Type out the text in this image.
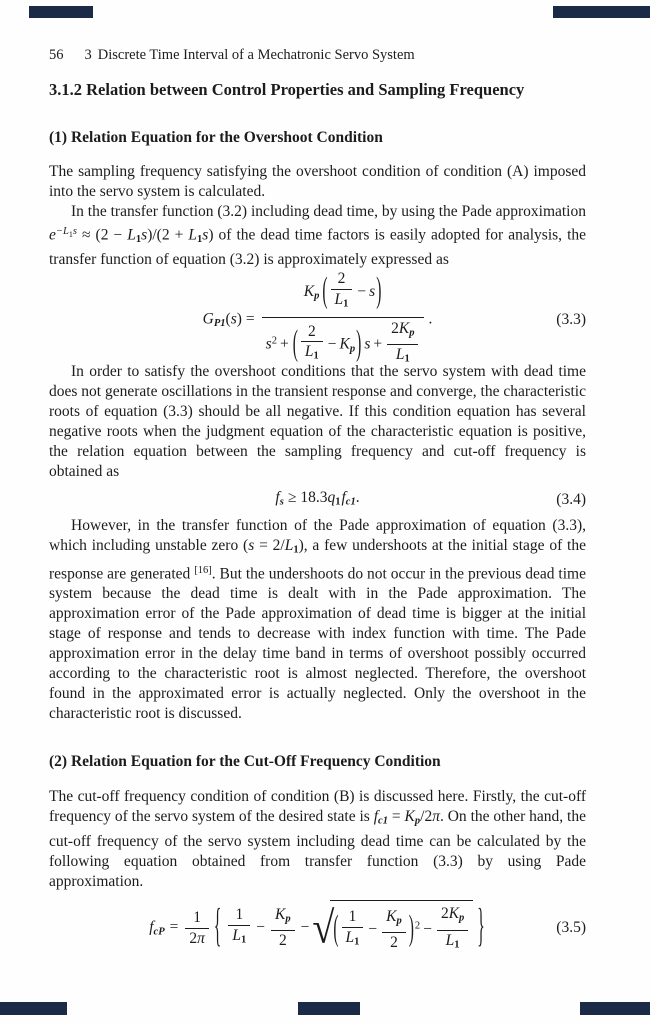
56 3 Discrete Time Interval of a Mechatronic Servo System
3.1.2 Relation between Control Properties and Sampling Frequency
(1) Relation Equation for the Overshoot Condition

The sampling frequency satisfying the overshoot condition of condition (A) imposed into the servo system is calculated.

In the transfer function (3.2) including dead time, by using the Pade approximation $e^{-L}1^s \approx (2 - L_1s)/(2 + L_1s)$ of the dead time factors is easily adopted for analysis, the transfer function of equation (3.2) is approximately expressed as

$G_{P1}(s) = \frac{K_p ( \frac{2}{L_1} - s)}{s^2 + ( \frac{2}{L_1} - K_p) s + \frac{2K_p}{L_1}}$ .	(3.3)

In order to satisfy the overshoot conditions that the servo system with dead time does not generate oscillations in the transient response and converge, the characteristic roots of equation (3.3) should be all negative. If this condition equation has several negative roots when the judgment equation of the characteristic equation is positive, the relation equation between the sampling frequency and cut-off frequency is obtained as

$f_s \ge 18.3q_1f_{c1}$.	(3.4)

However, in the transfer function of the Pade approximation of equation (3.3), which including unstable zero $(s = 2/L_1)$, a few undershoots at the initial stage of the response are generated [16]. But the undershoots do not occur in the previous dead time system because the dead time is dealt with in the Pade approximation. The approximation error of the Pade approximation of dead time is bigger at the initial stage of response and tends to decrease with index function with time. The Pade approximation error in the delay time band in terms of overshoot possibly occurred according to the characteristic root is almost neglected. Therefore, the overshoot found in the approximated error is actually neglected. Only the overshoot in the characteristic root is discussed.

(2) Relation Equation for the Cut-Off Frequency Condition

The cut-off frequency condition of condition (B) is discussed here. Firstly, the cut-off frequency of the servo system of the desired state is $f_{c1} = K_p/2\pi$. On the other hand, the cut-off frequency of the servo system including dead time can be calculated by the following equation obtained from transfer function (3.3) by using Pade approximation.

$f_{cP} = \frac{1}{2\pi}$ { $\frac{1}{L_1} - \frac{K_p}{2}$ −√( $\frac{1}{L_1} - \frac{K_p}{2} )^2 - \frac{2K_p}{L_1}$ }	(3.5)
